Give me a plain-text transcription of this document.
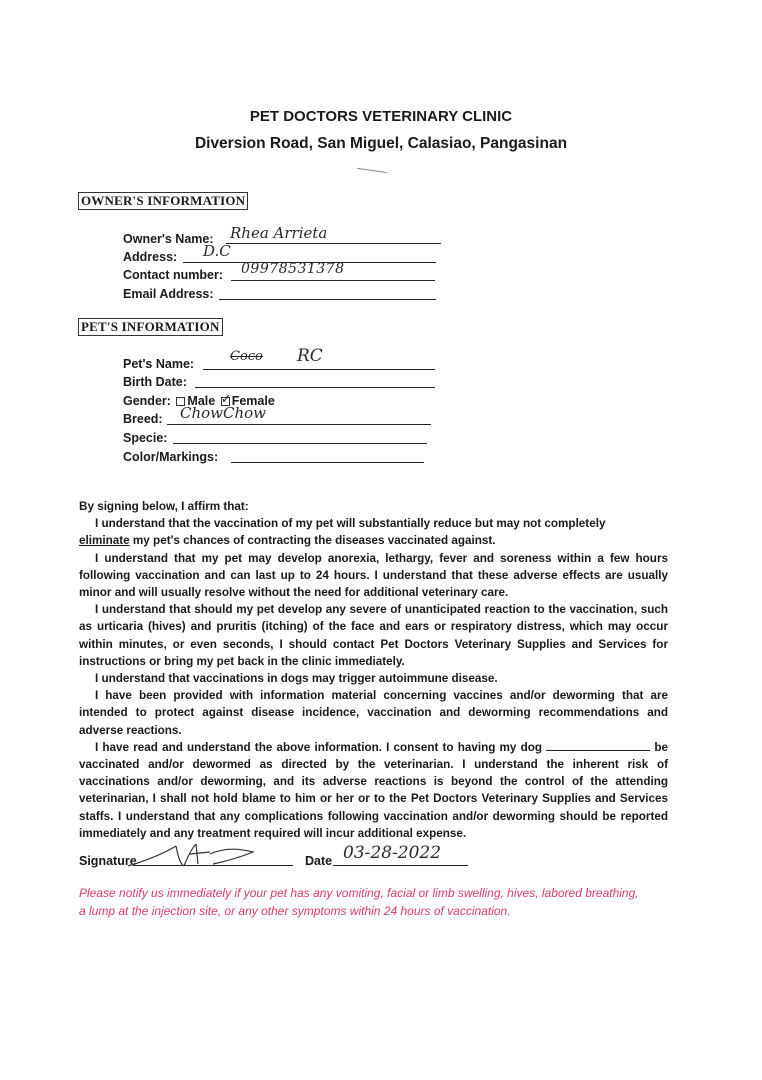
PET DOCTORS VETERINARY CLINIC
Diversion Road, San Miguel, Calasiao, Pangasinan
OWNER'S INFORMATION
Owner's Name: Rhea Arrieta
Address: D.C
Contact number: 09978531378
Email Address:
PET'S INFORMATION
Pet's Name:	Coco RC
Birth Date:
Gender: Male ✓ Female
Breed: ChowChow
Specie:
Color/Markings:

By signing below, I affirm that:

I understand that the vaccination of my pet will substantially reduce but may not completely
eliminate my pet's chances of contracting the diseases vaccinated against.

I understand that my pet may develop anorexia, lethargy, fever and soreness within a few hours following vaccination and can last up to 24 hours. I understand that these adverse effects are usually minor and will usually resolve without the need for additional veterinary care.

I understand that should my pet develop any severe of unanticipated reaction to the vaccination, such as urticaria (hives) and pruritis (itching) of the face and ears or respiratory distress, which may occur within minutes, or even seconds, I should contact Pet Doctors Veterinary Supplies and Services for instructions or bring my pet back in the clinic immediately.

I understand that vaccinations in dogs may trigger autoimmune disease.

I have been provided with information material concerning vaccines and/or deworming that are intended to protect against disease incidence, vaccination and deworming recommendations and adverse reactions.

I have read and understand the above information. I consent to having my dog	be vaccinated and/or dewormed as directed by the veterinarian. I understand the inherent risk of vaccinations and/or deworming, and its adverse reactions is beyond the control of the attending veterinarian, I shall not hold blame to him or her or to the Pet Doctors Veterinary Supplies and Services staffs. I understand that any complications following vaccination and/or deworming should be reported immediately and any treatment required will incur additional expense.

Signature	Date 03-28-2022
Please notify us immediately if your pet has any vomiting, facial or limb swelling, hives, labored breathing, a lump at the injection site, or any other symptoms within 24 hours of vaccination.
